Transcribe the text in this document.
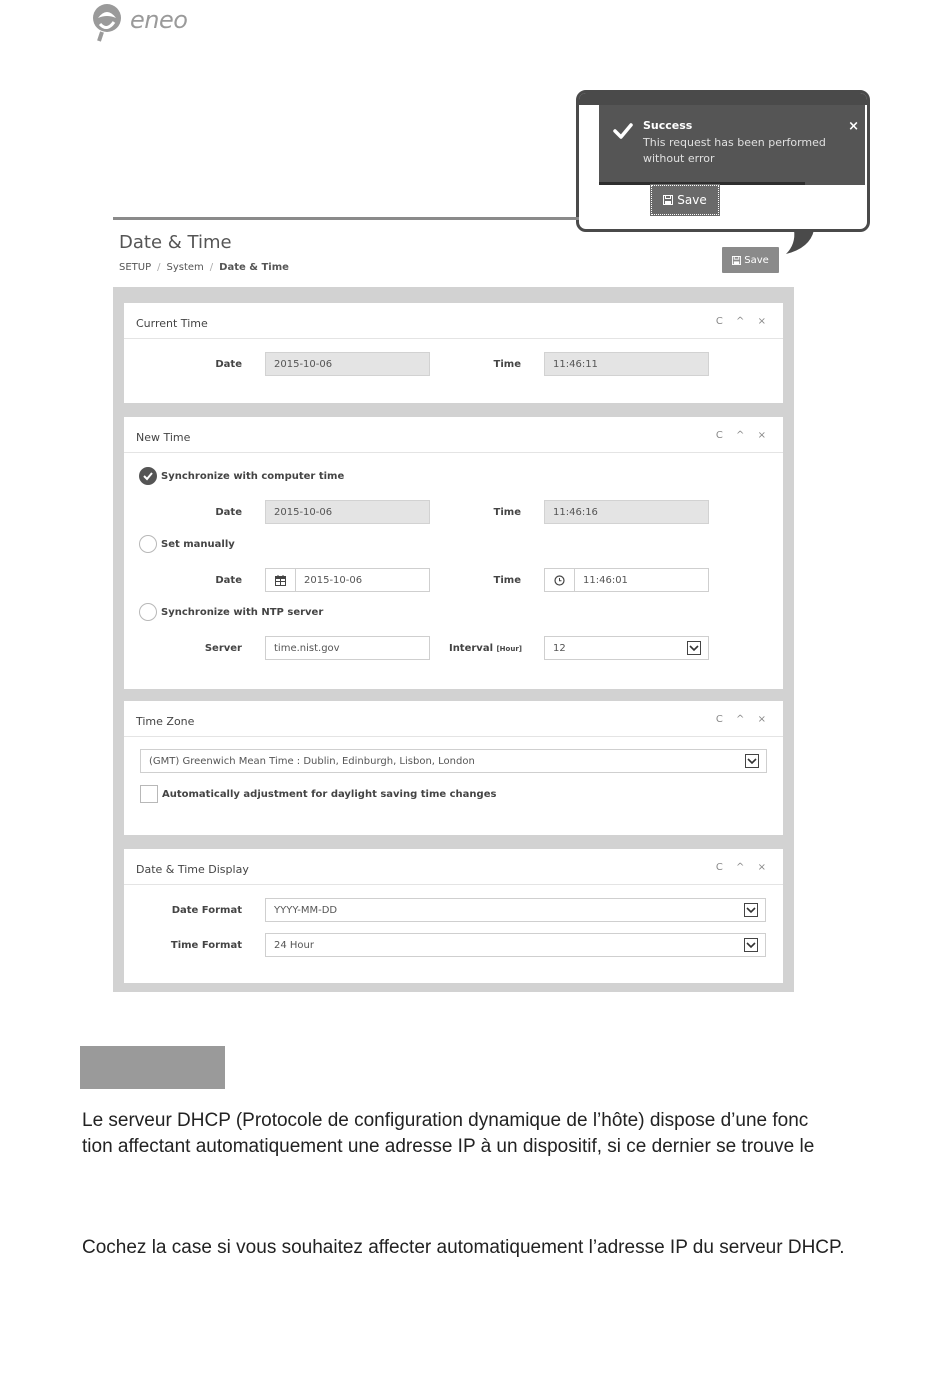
eneo
Success
This request has been performed
without error
×
Save
Date & Time
SETUP / System / Date & Time
Save
Current Time	C ^ ×
Date	2015-10-06	Time	11:46:11
New Time	C ^ ×
Synchronize with computer time
Date	2015-10-06	Time	11:46:16
Set manually
Date	2015-10-06	Time	11:46:01
Synchronize with NTP server
Server	time.nist.gov	Interval [Hour]	12
Time Zone	C ^ ×
(GMT) Greenwich Mean Time : Dublin, Edinburgh, Lisbon, London
Automatically adjustment for daylight saving time changes
Date & Time Display	C ^ ×
Date Format	YYYY-MM-DD
Time Format	24 Hour
Le serveur DHCP (Protocole de configuration dynamique de l’hôte) dispose d’une fonc
tion affectant automatiquement une adresse IP à un dispositif, si ce dernier se trouve le
Cochez la case si vous souhaitez affecter automatiquement l’adresse IP du serveur DHCP.
